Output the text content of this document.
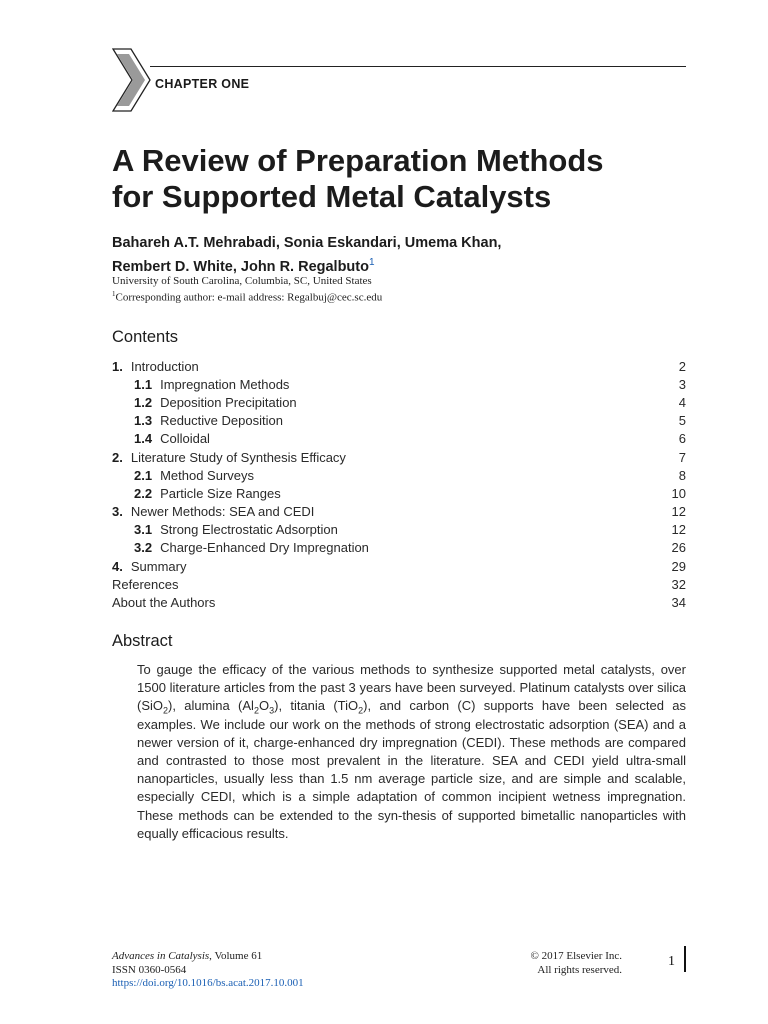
CHAPTER ONE
A Review of Preparation Methods
for Supported Metal Catalysts
Bahareh A.T. Mehrabadi, Sonia Eskandari, Umema Khan,
Rembert D. White, John R. Regalbuto$^1$
University of South Carolina, Columbia, SC, United States
$^1$Corresponding author: e-mail address: Regalbuj@cec.sc.edu
Contents
1. Introduction	2
1.1 Impregnation Methods	3
1.2 Deposition Precipitation	4
1.3 Reductive Deposition	5
1.4 Colloidal	6
2. Literature Study of Synthesis Efficacy	7
2.1 Method Surveys	8
2.2 Particle Size Ranges	10
3. Newer Methods: SEA and CEDI	12
3.1 Strong Electrostatic Adsorption	12
3.2 Charge-Enhanced Dry Impregnation	26
4. Summary	29
References	32
About the Authors	34
Abstract

To gauge the efficacy of the various methods to synthesize supported metal catalysts, over 1500 literature articles from the past 3 years have been surveyed. Platinum catalysts over silica (SiO$_2$), alumina $(Al_2O_3)$, titania (TiO$_2$), and carbon (C) supports have been selected as examples. We include our work on the methods of strong electrostatic adsorption (SEA) and a newer version of it, charge-enhanced dry impregnation (CEDI). These methods are compared and contrasted to those most prevalent in the literature. SEA and CEDI yield ultra-small nanoparticles, usually less than 1.5 nm average particle size, and are simple and scalable, especially CEDI, which is a simple adaptation of common incipient wetness impregnation. These methods can be extended to the syn-thesis of supported bimetallic nanoparticles with equally efficacious results.

Advances in Catalysis, Volume 61
ISSN 0360-0564
https://doi.org/10.1016/bs.acat.2017.10.001
© 2017 Elsevier Inc.
All rights reserved.
1
